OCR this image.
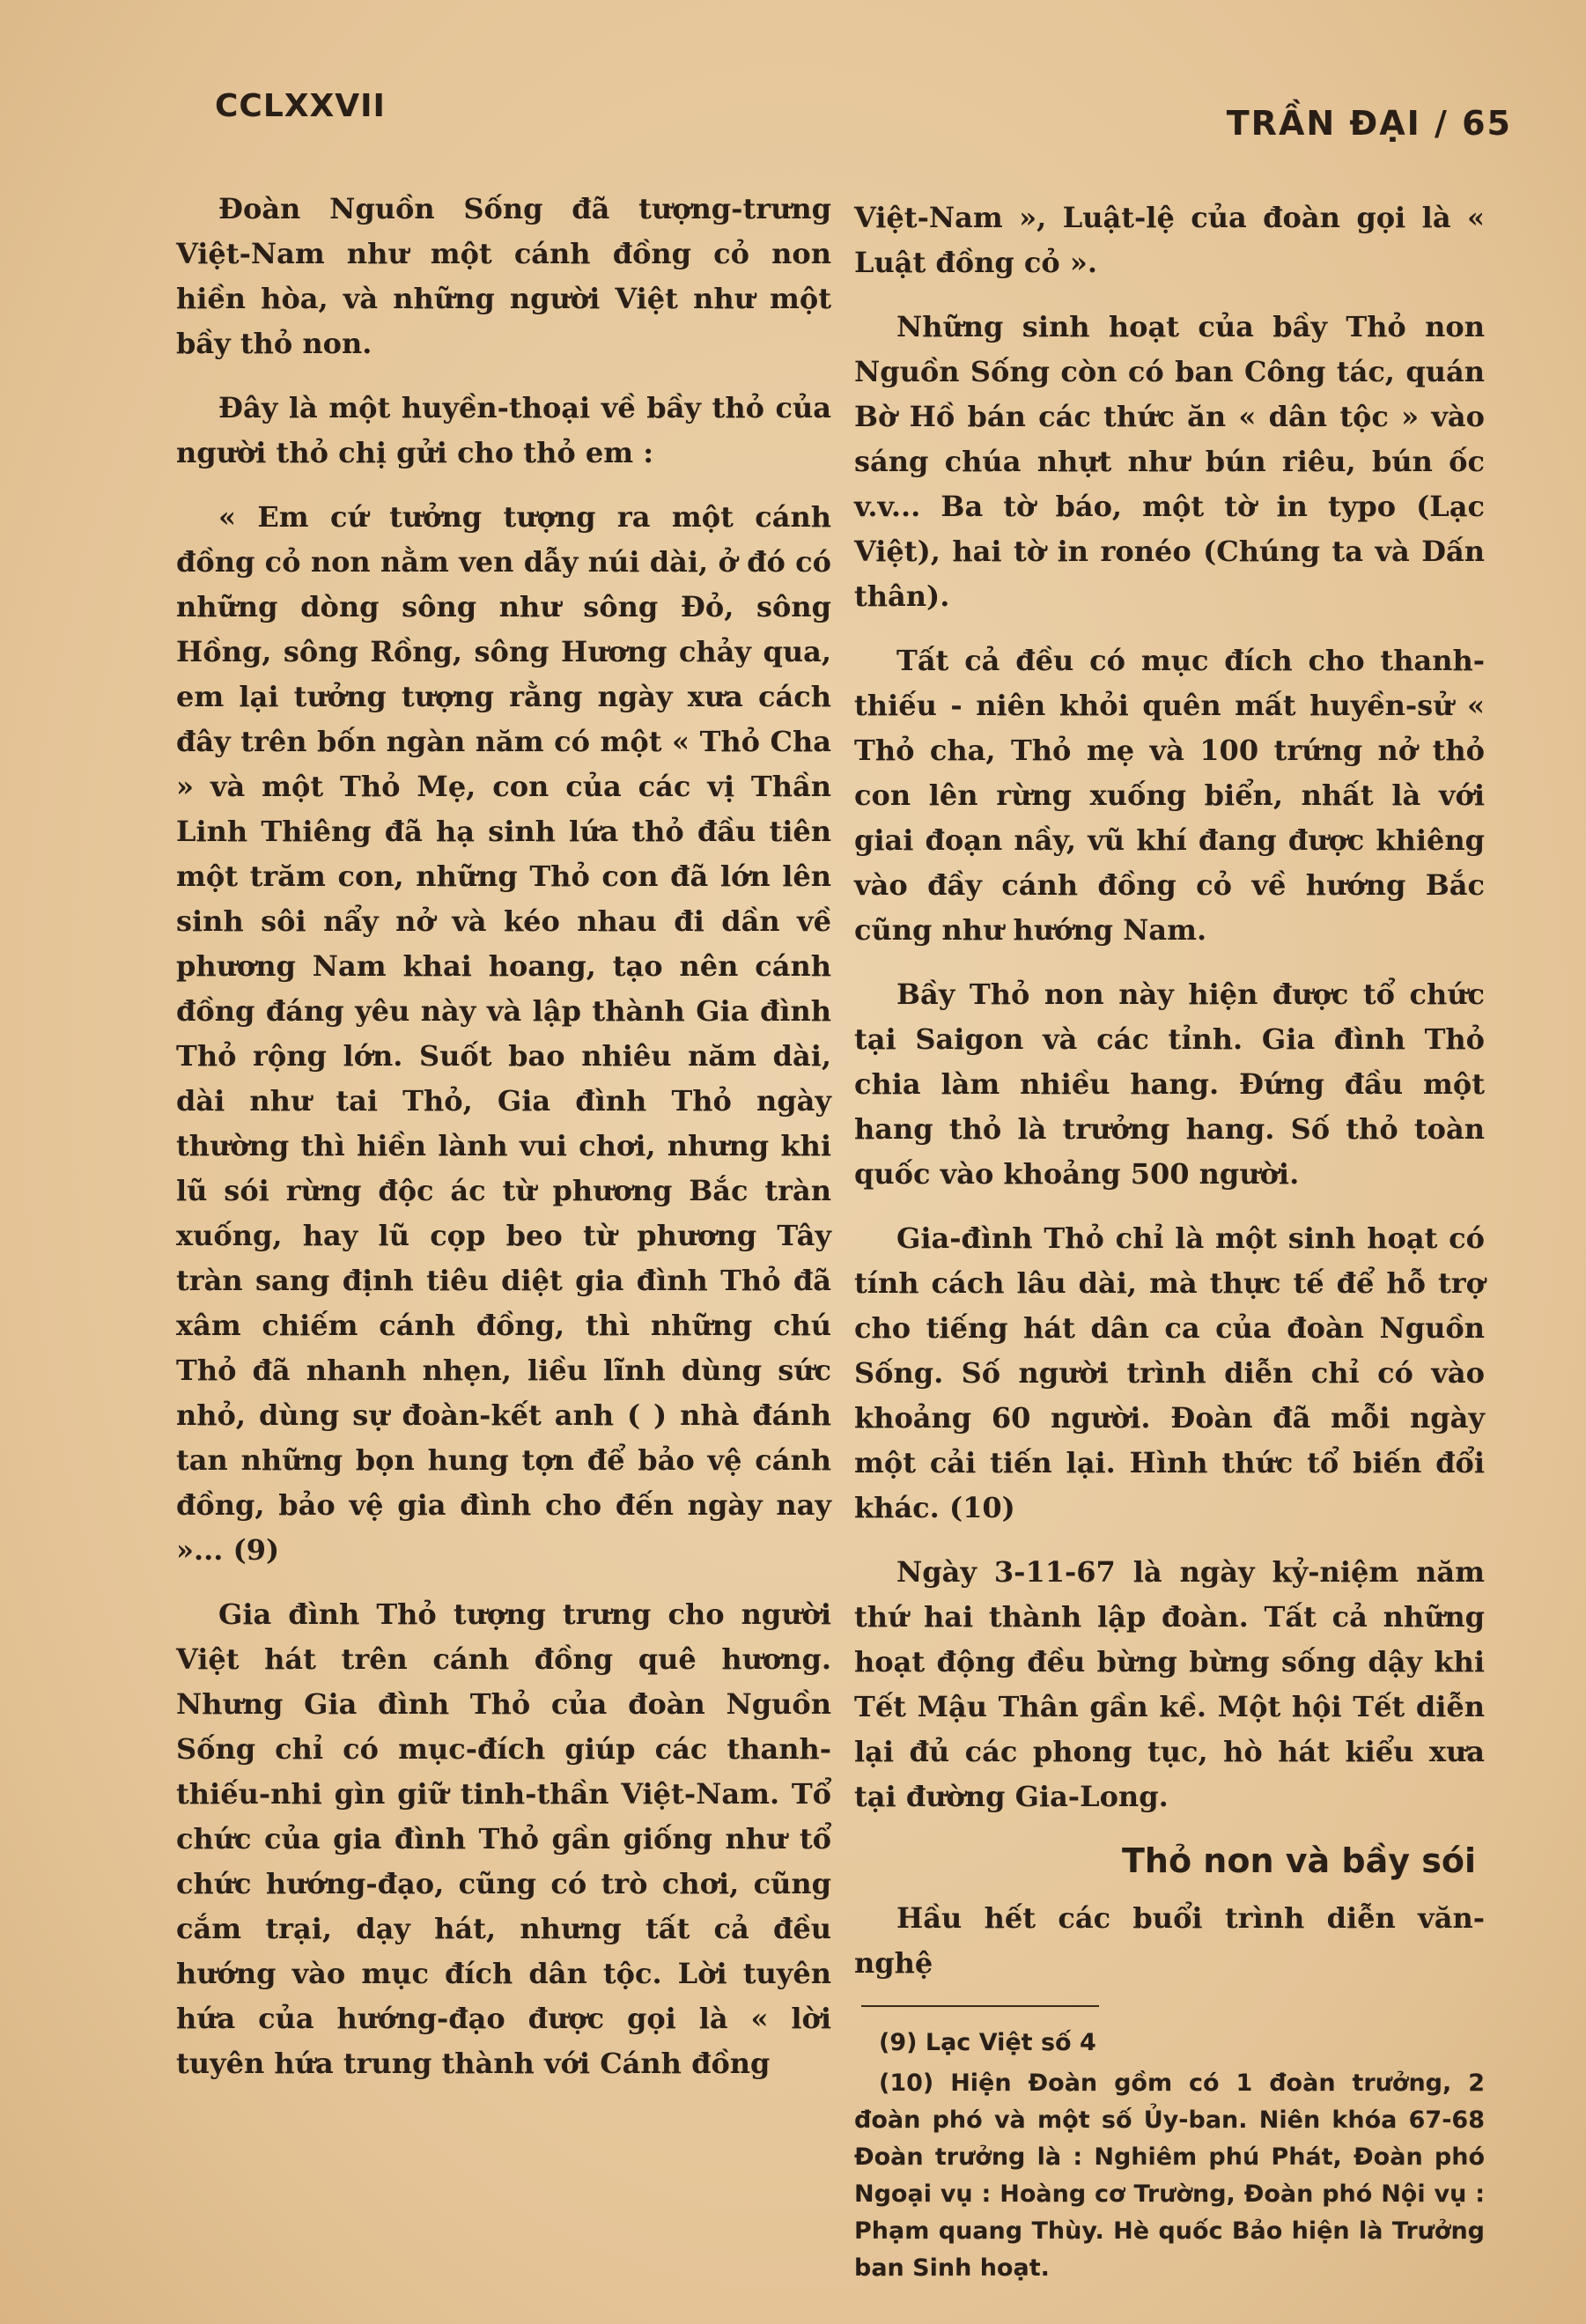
CCLXXVII	TRẦN ĐẠI / 65

Đoàn Nguồn Sống đã tượng-trưng Việt-Nam như một cánh đồng cỏ non hiền hòa, và những người Việt như một bầy thỏ non.

Đây là một huyền-thoại về bầy thỏ của người thỏ chị gửi cho thỏ em :

« Em cứ tưởng tượng ra một cánh đồng cỏ non nằm ven dẫy núi dài, ở đó có những dòng sông như sông Đỏ, sông Hồng, sông Rồng, sông Hương chảy qua, em lại tưởng tượng rằng ngày xưa cách đây trên bốn ngàn năm có một « Thỏ Cha » và một Thỏ Mẹ, con của các vị Thần Linh Thiêng đã hạ sinh lứa thỏ đầu tiên một trăm con, những Thỏ con đã lớn lên sinh sôi nẩy nở và kéo nhau đi dần về phương Nam khai hoang, tạo nên cánh đồng đáng yêu này và lập thành Gia đình Thỏ rộng lớn. Suốt bao nhiêu năm dài, dài như tai Thỏ, Gia đình Thỏ ngày thường thì hiền lành vui chơi, nhưng khi lũ sói rừng độc ác từ phương Bắc tràn xuống, hay lũ cọp beo từ phương Tây tràn sang định tiêu diệt gia đình Thỏ đã xâm chiếm cánh đồng, thì những chú Thỏ đã nhanh nhẹn, liều lĩnh dùng sức nhỏ, dùng sự đoàn-kết anh ( ) nhà đánh tan những bọn hung tợn để bảo vệ cánh đồng, bảo vệ gia đình cho đến ngày nay »... (9)

Gia đình Thỏ tượng trưng cho người Việt hát trên cánh đồng quê hương. Nhưng Gia đình Thỏ của đoàn Nguồn Sống chỉ có mục-đích giúp các thanh-thiếu-nhi gìn giữ tinh-thần Việt-Nam. Tổ chức của gia đình Thỏ gần giống như tổ chức hướng-đạo, cũng có trò chơi, cũng cắm trại, dạy hát, nhưng tất cả đều hướng vào mục đích dân tộc. Lời tuyên hứa của hướng-đạo được gọi là « lời tuyên hứa trung thành với Cánh đồng

Việt-Nam », Luật-lệ của đoàn gọi là « Luật đồng cỏ ».

Những sinh hoạt của bầy Thỏ non Nguồn Sống còn có ban Công tác, quán Bờ Hồ bán các thức ăn « dân tộc » vào sáng chúa nhựt như bún riêu, bún ốc v.v... Ba tờ báo, một tờ in typo (Lạc Việt), hai tờ in ronéo (Chúng ta và Dấn thân).

Tất cả đều có mục đích cho thanh-thiếu - niên khỏi quên mất huyền-sử « Thỏ cha, Thỏ mẹ và 100 trứng nở thỏ con lên rừng xuống biển, nhất là với giai đoạn nầy, vũ khí đang được khiêng vào đầy cánh đồng cỏ về hướng Bắc cũng như hướng Nam.

Bầy Thỏ non này hiện được tổ chức tại Saigon và các tỉnh. Gia đình Thỏ chia làm nhiều hang. Đứng đầu một hang thỏ là trưởng hang. Số thỏ toàn quốc vào khoảng 500 người.

Gia-đình Thỏ chỉ là một sinh hoạt có tính cách lâu dài, mà thực tế để hỗ trợ cho tiếng hát dân ca của đoàn Nguồn Sống. Số người trình diễn chỉ có vào khoảng 60 người. Đoàn đã mỗi ngày một cải tiến lại. Hình thức tổ biến đổi khác. (10)

Ngày 3-11-67 là ngày kỷ-niệm năm thứ hai thành lập đoàn. Tất cả những hoạt động đều bừng bừng sống dậy khi Tết Mậu Thân gần kề. Một hội Tết diễn lại đủ các phong tục, hò hát kiểu xưa tại đường Gia-Long.

Thỏ non và bầy sói

Hầu hết các buổi trình diễn văn-nghệ

(9) Lạc Việt số 4

(10) Hiện Đoàn gồm có 1 đoàn trưởng, 2 đoàn phó và một số Ủy-ban. Niên khóa 67-68 Đoàn trưởng là : Nghiêm phú Phát, Đoàn phó Ngoại vụ : Hoàng cơ Trường, Đoàn phó Nội vụ : Phạm quang Thùy. Hè quốc Bảo hiện là Trưởng ban Sinh hoạt.
